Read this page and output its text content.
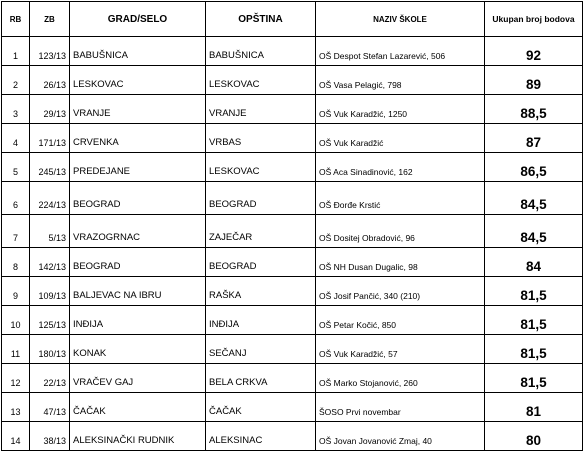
RB	ZB	GRAD/SELO	OPŠTINA	NAZIV ŠKOLE	Ukupan broj bodova
1	123/13	BABUŠNICA	BABUŠNICA	OŠ Despot Stefan Lazarević, 506	92
2	26/13	LESKOVAC	LESKOVAC	OŠ Vasa Pelagić, 798	89
3	29/13	VRANJE	VRANJE	OŠ Vuk Karadžić, 1250	88,5
4	171/13	CRVENKA	VRBAS	OŠ Vuk Karadžić	87
5	245/13	PREDEJANE	LESKOVAC	OŠ Aca Sinadinović, 162	86,5
6	224/13	BEOGRAD	BEOGRAD	OŠ Đorđe Krstić	84,5
7	5/13	VRAZOGRNAC	ZAJEČAR	OŠ Dositej Obradović, 96	84,5
8	142/13	BEOGRAD	BEOGRAD	OŠ NH Dusan Dugalic, 98	84
9	109/13	BALJEVAC NA IBRU	RAŠKA	OŠ Josif Pančić, 340 (210)	81,5
10	125/13	INĐIJA	INĐIJA	OŠ Petar Kočić, 850	81,5
11	180/13	KONAK	SEČANJ	OŠ Vuk Karadžić, 57	81,5
12	22/13	VRAČEV GAJ	BELA CRKVA	OŠ Marko Stojanović, 260	81,5
13	47/13	ČAČAK	ČAČAK	ŠOSO Prvi novembar	81
14	38/13	ALEKSINAČKI RUDNIK	ALEKSINAC	OŠ Jovan Jovanović Zmaj, 40	80
